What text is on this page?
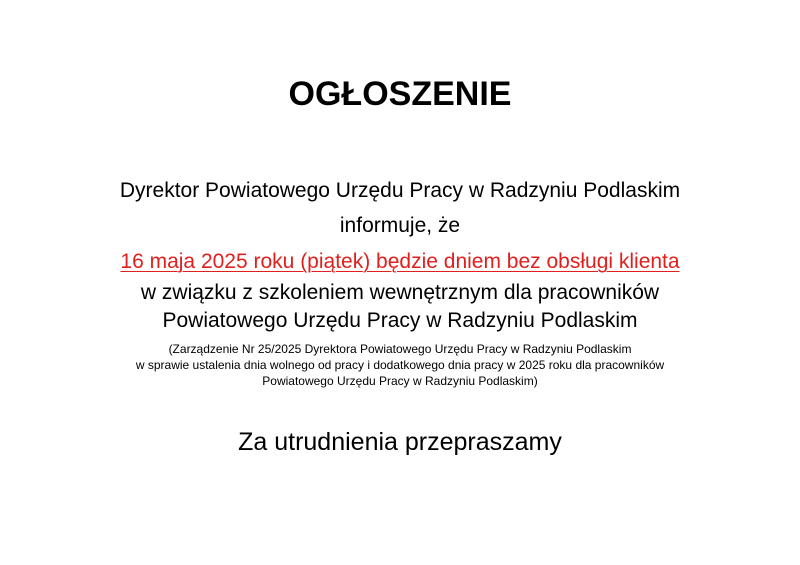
OGŁOSZENIE
Dyrektor Powiatowego Urzędu Pracy w Radzyniu Podlaskim
informuje, że
16 maja 2025 roku (piątek) będzie dniem bez obsługi klienta
w związku z szkoleniem wewnętrznym dla pracowników
Powiatowego Urzędu Pracy w Radzyniu Podlaskim
(Zarządzenie Nr 25/2025 Dyrektora Powiatowego Urzędu Pracy w Radzyniu Podlaskim
w sprawie ustalenia dnia wolnego od pracy i dodatkowego dnia pracy w 2025 roku dla pracowników
Powiatowego Urzędu Pracy w Radzyniu Podlaskim)
Za utrudnienia przepraszamy
